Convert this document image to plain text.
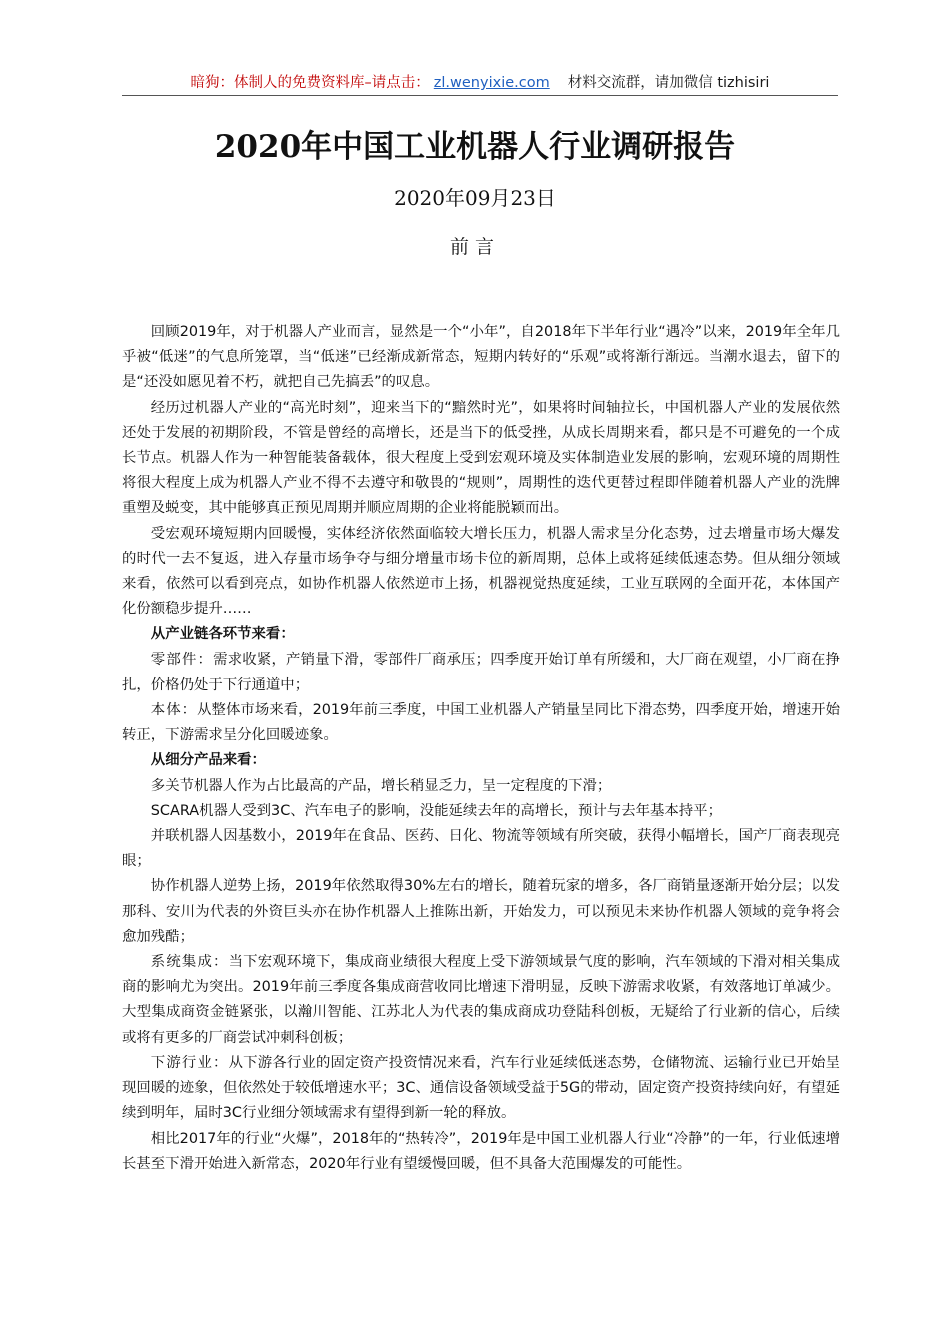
暗狗：体制人的免费资料库–请点击： zl.wenyixie.com 材料交流群，请加微信 tizhisiri
2020年中国工业机器人行业调研报告
2020年09月23日
前言

回顾2019年，对于机器人产业而言，显然是一个“小年”，自2018年下半年行业“遇冷”以来，2019年全年几乎被“低迷”的气息所笼罩，当“低迷”已经渐成新常态，短期内转好的“乐观”或将渐行渐远。当潮水退去，留下的是“还没如愿见着不朽，就把自己先搞丢”的叹息。

经历过机器人产业的“高光时刻”，迎来当下的“黯然时光”，如果将时间轴拉长，中国机器人产业的发展依然还处于发展的初期阶段，不管是曾经的高增长，还是当下的低受挫，从成长周期来看，都只是不可避免的一个成长节点。机器人作为一种智能装备载体，很大程度上受到宏观环境及实体制造业发展的影响，宏观环境的周期性将很大程度上成为机器人产业不得不去遵守和敬畏的“规则”，周期性的迭代更替过程即伴随着机器人产业的洗牌重塑及蜕变，其中能够真正预见周期并顺应周期的企业将能脱颖而出。

受宏观环境短期内回暖慢，实体经济依然面临较大增长压力，机器人需求呈分化态势，过去增量市场大爆发的时代一去不复返，进入存量市场争夺与细分增量市场卡位的新周期，总体上或将延续低速态势。但从细分领域来看，依然可以看到亮点，如协作机器人依然逆市上扬，机器视觉热度延续，工业互联网的全面开花，本体国产化份额稳步提升……

从产业链各环节来看：

零部件：需求收紧，产销量下滑，零部件厂商承压；四季度开始订单有所缓和，大厂商在观望，小厂商在挣扎，价格仍处于下行通道中；

本体：从整体市场来看，2019年前三季度，中国工业机器人产销量呈同比下滑态势，四季度开始，增速开始转正，下游需求呈分化回暖迹象。

从细分产品来看：

多关节机器人作为占比最高的产品，增长稍显乏力，呈一定程度的下滑；

SCARA机器人受到3C、汽车电子的影响，没能延续去年的高增长，预计与去年基本持平；

并联机器人因基数小，2019年在食品、医药、日化、物流等领域有所突破，获得小幅增长，国产厂商表现亮眼；

协作机器人逆势上扬，2019年依然取得30%左右的增长，随着玩家的增多，各厂商销量逐渐开始分层；以发那科、安川为代表的外资巨头亦在协作机器人上推陈出新，开始发力，可以预见未来协作机器人领域的竞争将会愈加残酷；

系统集成：当下宏观环境下，集成商业绩很大程度上受下游领域景气度的影响，汽车领域的下滑对相关集成商的影响尤为突出。2019年前三季度各集成商营收同比增速下滑明显，反映下游需求收紧，有效落地订单减少。大型集成商资金链紧张，以瀚川智能、江苏北人为代表的集成商成功登陆科创板，无疑给了行业新的信心，后续或将有更多的厂商尝试冲刺科创板；

下游行业：从下游各行业的固定资产投资情况来看，汽车行业延续低迷态势，仓储物流、运输行业已开始呈现回暖的迹象，但依然处于较低增速水平；3C、通信设备领域受益于5G的带动，固定资产投资持续向好，有望延续到明年，届时3C行业细分领域需求有望得到新一轮的释放。

相比2017年的行业“火爆”，2018年的“热转冷”，2019年是中国工业机器人行业“冷静”的一年，行业低速增长甚至下滑开始进入新常态，2020年行业有望缓慢回暖，但不具备大范围爆发的可能性。
